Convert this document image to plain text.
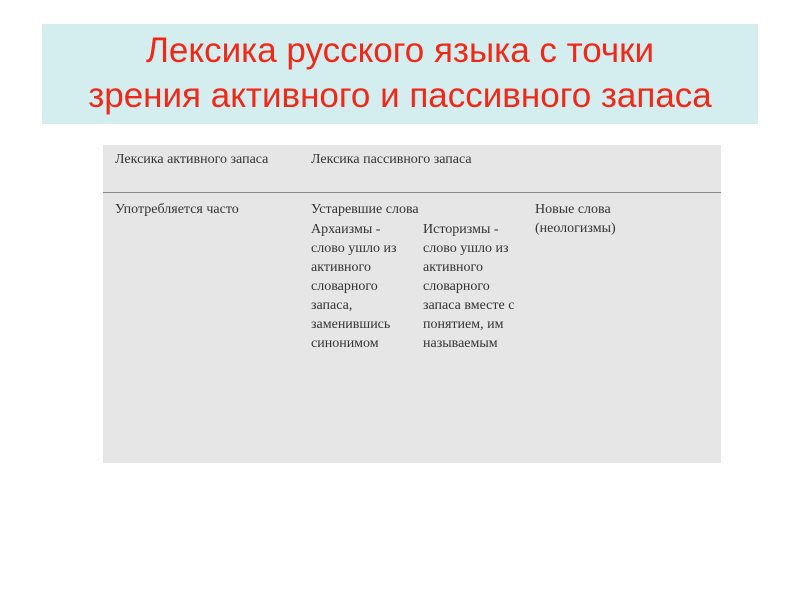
Лексика русского языка с точки
зрения активного и пассивного запаса
Лексика активного запаса	Лексика пассивного запаса
Употребляется часто	Устаревшие слова
Архаизмы - слово ушло из активного словарного запаса, заменившись синонимом
Историзмы - слово ушло из активного словарного запаса вместе с понятием, им называемым
Новые слова (неологизмы)
